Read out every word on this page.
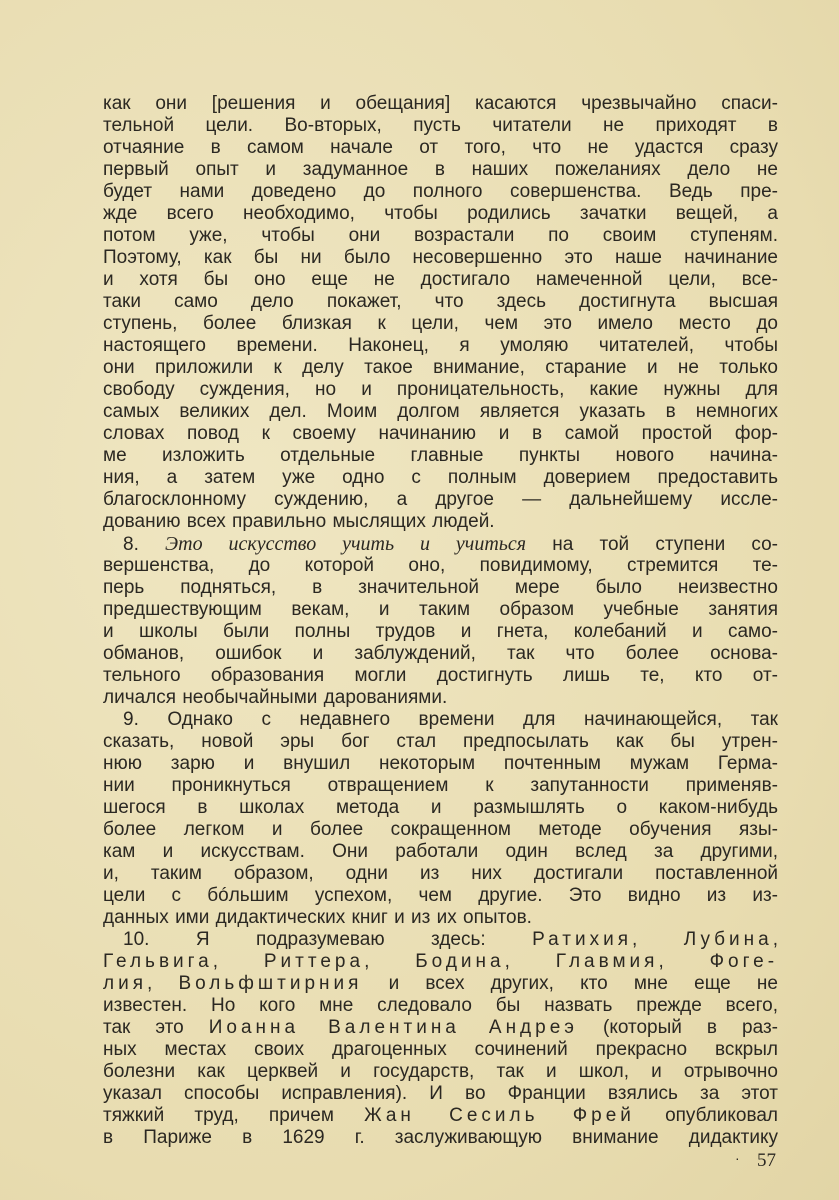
как они [решения и обещания] касаются чрезвычайно спаси-
тельной цели. Во-вторых, пусть читатели не приходят в
отчаяние в самом начале от того, что не удастся сразу
первый опыт и задуманное в наших пожеланиях дело не
будет нами доведено до полного совершенства. Ведь пре-
жде всего необходимо, чтобы родились зачатки вещей, а
потом уже, чтобы они возрастали по своим ступеням.
Поэтому, как бы ни было несовершенно это наше начинание
и хотя бы оно еще не достигало намеченной цели, все-
таки само дело покажет, что здесь достигнута высшая
ступень, более близкая к цели, чем это имело место до
настоящего времени. Наконец, я умоляю читателей, чтобы
они приложили к делу такое внимание, старание и не только
свободу суждения, но и проницательность, какие нужны для
самых великих дел. Моим долгом является указать в немногих
словах повод к своему начинанию и в самой простой фор-
ме изложить отдельные главные пункты нового начина-
ния, а затем уже одно с полным доверием предоставить
благосклонному суждению, а другое — дальнейшему иссле-
дованию всех правильно мыслящих людей.
8. Это искусство учить и учиться на той ступени со-
вершенства, до которой оно, повидимому, стремится те-
перь подняться, в значительной мере было неизвестно
предшествующим векам, и таким образом учебные занятия
и школы были полны трудов и гнета, колебаний и само-
обманов, ошибок и заблуждений, так что более основа-
тельного образования могли достигнуть лишь те, кто от-
личался необычайными дарованиями.
9. Однако с недавнего времени для начинающейся, так
сказать, новой эры бог стал предпосылать как бы утрен-
нюю зарю и внушил некоторым почтенным мужам Герма-
нии проникнуться отвращением к запутанности применяв-
шегося в школах метода и размышлять о каком-нибудь
более легком и более сокращенном методе обучения язы-
кам и искусствам. Они работали один вслед за другими,
и, таким образом, одни из них достигали поставленной
цели с бóльшим успехом, чем другие. Это видно из из-
данных ими дидактических книг и из их опытов.
10. Я подразумеваю здесь: Ратихия, Лубина,
Гельвига, Риттера, Бодина, Главмия, Фоге-
лия, Вольфштирния и всех других, кто мне еще не
известен. Но кого мне следовало бы назвать прежде всего,
так это Иоанна Валентина Андреэ (который в раз-
ных местах своих драгоценных сочинений прекрасно вскрыл
болезни как церквей и государств, так и школ, и отрывочно
указал способы исправления). И во Франции взялись за этот
тяжкий труд, причем Жан Сесиль Фрей опубликовал
в Париже в 1629 г. заслуживающую внимание дидактику
· 57
